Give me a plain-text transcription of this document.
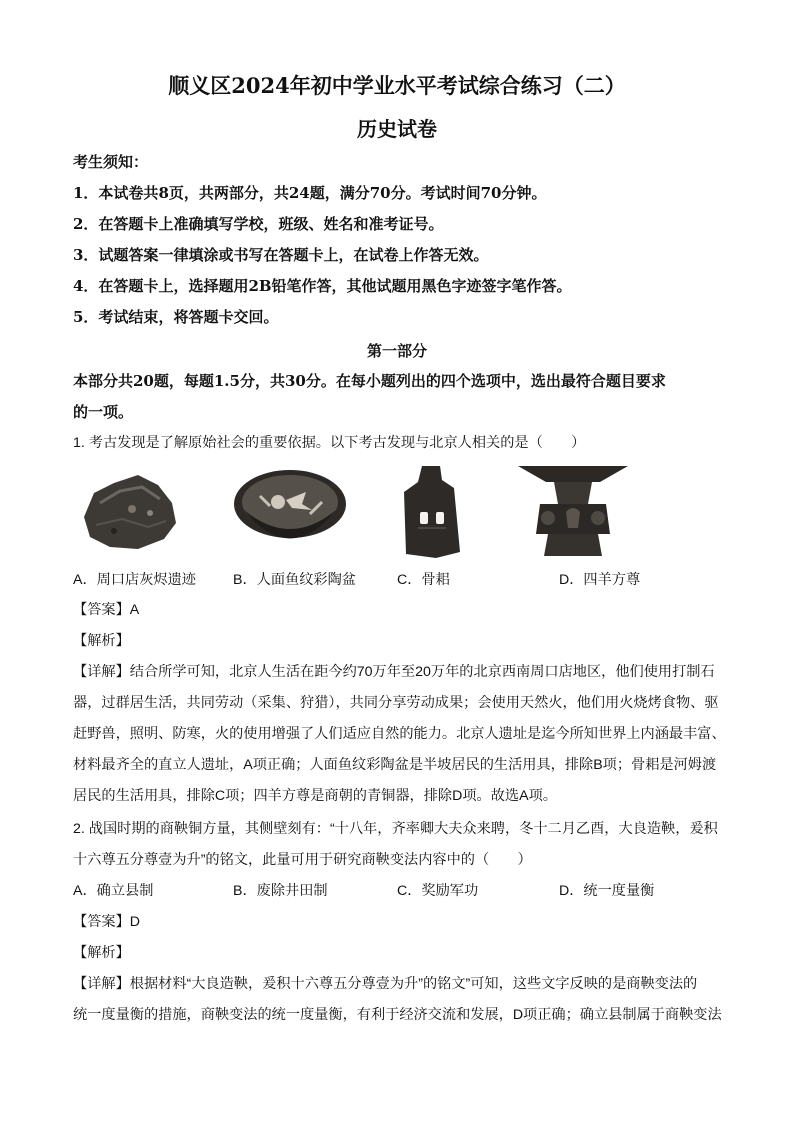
顺义区2024年初中学业水平考试综合练习（二）
历史试卷
考生须知：
1．本试卷共8页，共两部分，共24题，满分70分。考试时间70分钟。
2．在答题卡上准确填写学校，班级、姓名和准考证号。
3．试题答案一律填涂或书写在答题卡上，在试卷上作答无效。
4．在答题卡上，选择题用2B铅笔作答，其他试题用黑色字迹签字笔作答。
5．考试结束，将答题卡交回。
第一部分
本部分共20题，每题1.5分，共30分。在每小题列出的四个选项中，选出最符合题目要求
的一项。
1. 考古发现是了解原始社会的重要依据。以下考古发现与北京人相关的是（　　）
A．周口店灰烬遗迹	B．人面鱼纹彩陶盆	C．骨耜	D．四羊方尊
【答案】A
【解析】
【详解】结合所学可知，北京人生活在距今约70万年至20万年的北京西南周口店地区，他们使用打制石
器，过群居生活，共同劳动（采集、狩猎），共同分享劳动成果；会使用天然火，他们用火烧烤食物、驱
赶野兽，照明、防寒，火的使用增强了人们适应自然的能力。北京人遗址是迄今所知世界上内涵最丰富、
材料最齐全的直立人遗址，A项正确；人面鱼纹彩陶盆是半坡居民的生活用具，排除B项；骨耜是河姆渡
居民的生活用具，排除C项；四羊方尊是商朝的青铜器，排除D项。故选A项。
2. 战国时期的商鞅铜方量，其侧壁刻有：“十八年，齐率卿大夫众来聘，冬十二月乙酉，大良造鞅，爰积
十六尊五分尊壹为升”的铭文，此量可用于研究商鞅变法内容中的（　　）
A．确立县制	B．废除井田制	C．奖励军功	D．统一度量衡
【答案】D
【解析】
【详解】根据材料“大良造鞅，爰积十六尊五分尊壹为升”的铭文”可知，这些文字反映的是商鞅变法的
统一度量衡的措施，商鞅变法的统一度量衡，有利于经济交流和发展，D项正确；确立县制属于商鞅变法
